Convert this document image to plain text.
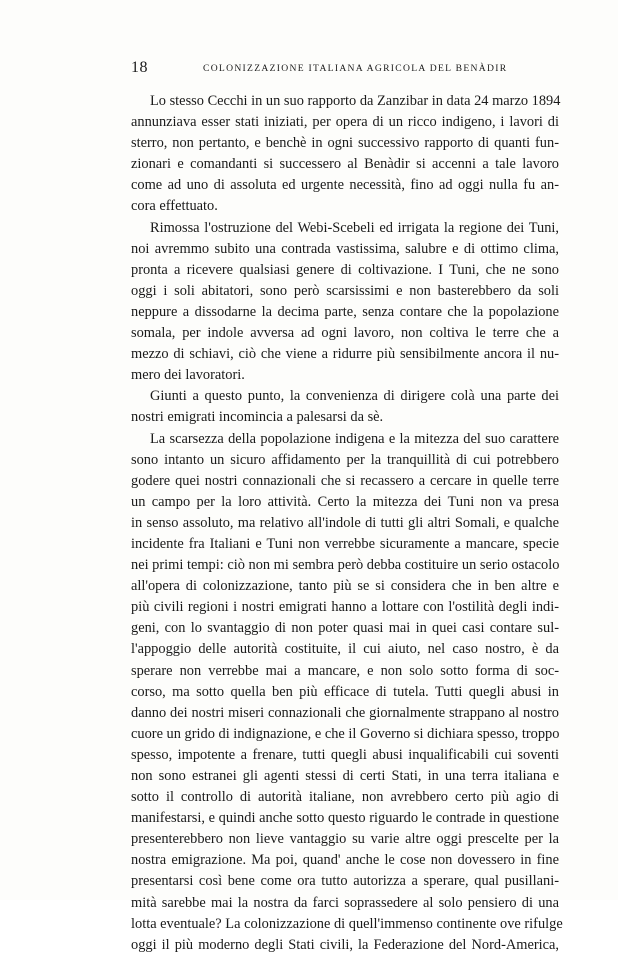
18	COLONIZZAZIONE ITALIANA AGRICOLA DEL BENÀDIR
Lo stesso Cecchi in un suo rapporto da Zanzibar in data 24 marzo 1894
annunziava esser stati iniziati, per opera di un ricco indigeno, i lavori di
sterro, non pertanto, e benchè in ogni successivo rapporto di quanti fun-
zionari e comandanti si successero al Benàdir si accenni a tale lavoro
come ad uno di assoluta ed urgente necessità, fino ad oggi nulla fu an-
cora effettuato.
Rimossa l'ostruzione del Webi-Scebeli ed irrigata la regione dei Tuni,
noi avremmo subito una contrada vastissima, salubre e di ottimo clima,
pronta a ricevere qualsiasi genere di coltivazione. I Tuni, che ne sono
oggi i soli abitatori, sono però scarsissimi e non basterebbero da soli
neppure a dissodarne la decima parte, senza contare che la popolazione
somala, per indole avversa ad ogni lavoro, non coltiva le terre che a
mezzo di schiavi, ciò che viene a ridurre più sensibilmente ancora il nu-
mero dei lavoratori.
Giunti a questo punto, la convenienza di dirigere colà una parte dei
nostri emigrati incomincia a palesarsi da sè.
La scarsezza della popolazione indigena e la mitezza del suo carattere
sono intanto un sicuro affidamento per la tranquillità di cui potrebbero
godere quei nostri connazionali che si recassero a cercare in quelle terre
un campo per la loro attività. Certo la mitezza dei Tuni non va presa
in senso assoluto, ma relativo all'indole di tutti gli altri Somali, e qualche
incidente fra Italiani e Tuni non verrebbe sicuramente a mancare, specie
nei primi tempi: ciò non mi sembra però debba costituire un serio ostacolo
all'opera di colonizzazione, tanto più se si considera che in ben altre e
più civili regioni i nostri emigrati hanno a lottare con l'ostilità degli indi-
geni, con lo svantaggio di non poter quasi mai in quei casi contare sul-
l'appoggio delle autorità costituite, il cui aiuto, nel caso nostro, è da
sperare non verrebbe mai a mancare, e non solo sotto forma di soc-
corso, ma sotto quella ben più efficace di tutela. Tutti quegli abusi in
danno dei nostri miseri connazionali che giornalmente strappano al nostro
cuore un grido di indignazione, e che il Governo si dichiara spesso, troppo
spesso, impotente a frenare, tutti quegli abusi inqualificabili cui soventi
non sono estranei gli agenti stessi di certi Stati, in una terra italiana e
sotto il controllo di autorità italiane, non avrebbero certo più agio di
manifestarsi, e quindi anche sotto questo riguardo le contrade in questione
presenterebbero non lieve vantaggio su varie altre oggi prescelte per la
nostra emigrazione. Ma poi, quand' anche le cose non dovessero in fine
presentarsi così bene come ora tutto autorizza a sperare, qual pusillani-
mità sarebbe mai la nostra da farci soprassedere al solo pensiero di una
lotta eventuale? La colonizzazione di quell'immenso continente ove rifulge
oggi il più moderno degli Stati civili, la Federazione del Nord-America,
